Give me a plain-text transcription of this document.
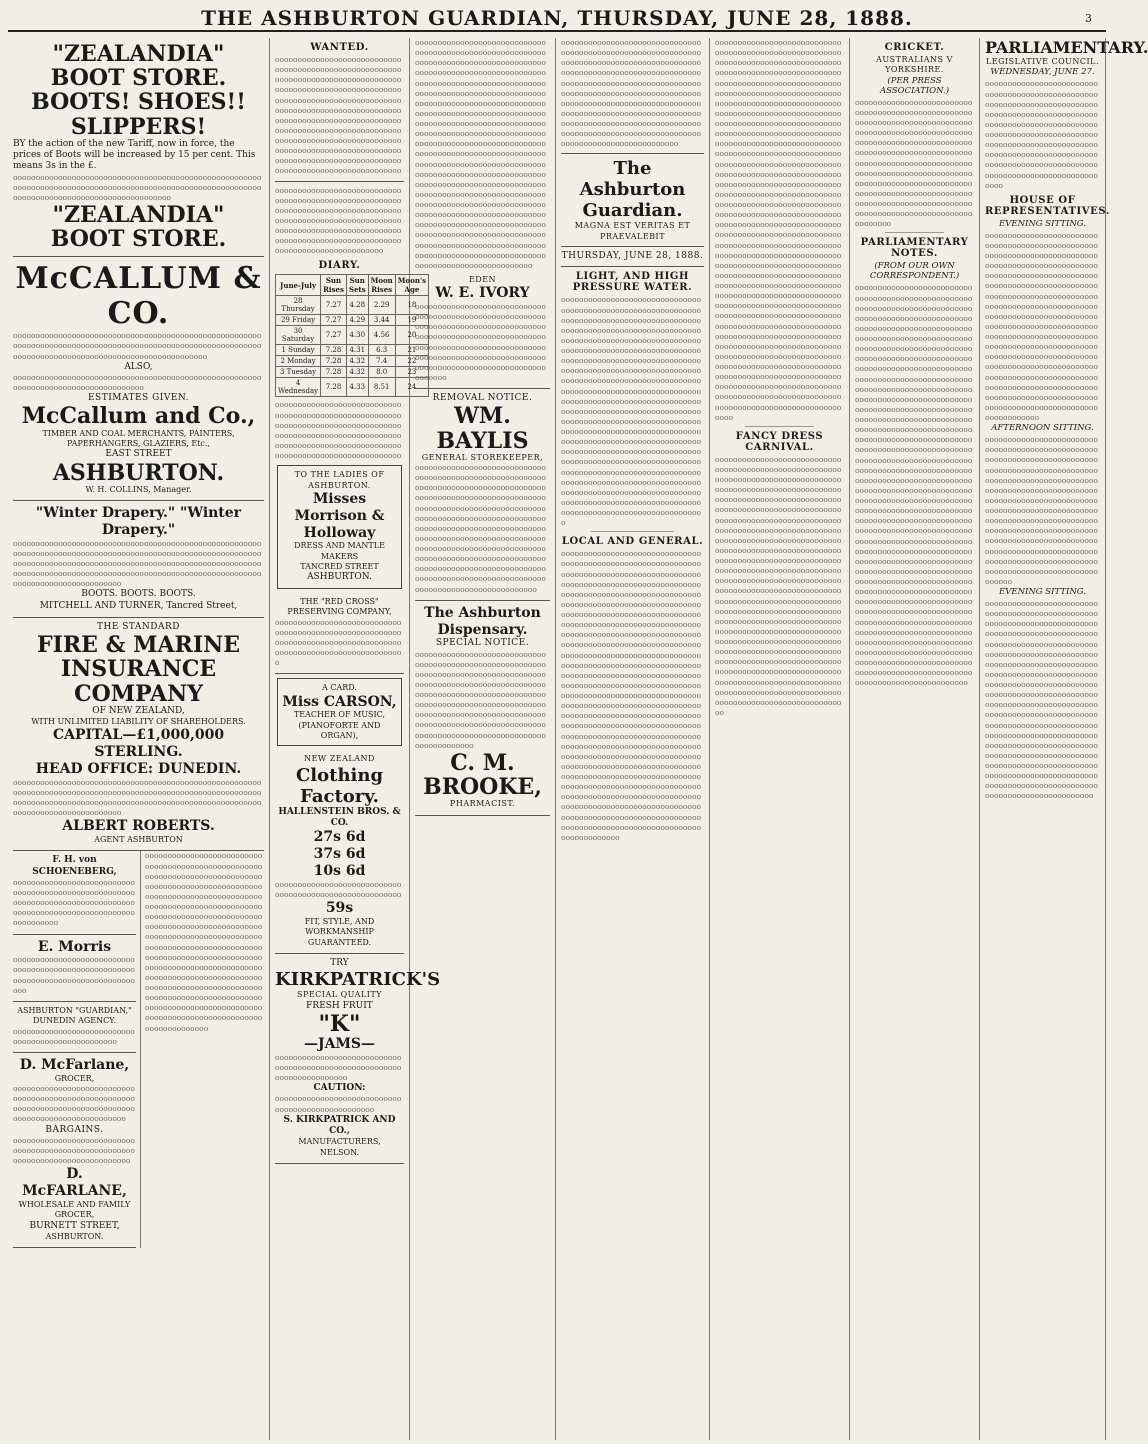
THE ASHBURTON GUARDIAN, THURSDAY, JUNE 28, 1888.	3
"ZEALANDIA" BOOT STORE.
BOOTS! SHOES!! SLIPPERS!
BY the action of the new Tariff, now in force, the prices of Boots will be increased by 15 per cent. This means 3s in the £.
ooooooooooooooooooooooooooooooooooooooooooooooooooooooooooooooooooooooooooooooooooooooooooooooooooooooooooooooooooooooooooooooooooooooooooooooooo
"ZEALANDIA" BOOT STORE.
McCALLUM & CO.
ooooooooooooooooooooooooooooooooooooooooooooooooooooooooooooooooooooooooooooooooooooooooooooooooooooooooooooooooooooooooooooooooooooooooooooooooooooooooo
ALSO,
oooooooooooooooooooooooooooooooooooooooooooooooooooooooooooooooooooooooooooooooooooo
ESTIMATES GIVEN.
McCallum and Co.,
TIMBER AND COAL MERCHANTS, PAINTERS, PAPERHANGERS, GLAZIERS, Etc.,
EAST STREET
ASHBURTON.
W. H. COLLINS, Manager.
"Winter Drapery." "Winter Drapery."
oooooooooooooooooooooooooooooooooooooooooooooooooooooooooooooooooooooooooooooooooooooooooooooooooooooooooooooooooooooooooooooooooooooooooooooooooooooooooooooooooooooooooooooooooooooooooooooooooooooooooooooooooooooooooooooooooooooooooooooooooooo
BOOTS. BOOTS. BOOTS.
MITCHELL AND TURNER, Tancred Street,
THE STANDARD
FIRE & MARINE INSURANCE COMPANY
OF NEW ZEALAND,
WITH UNLIMITED LIABILITY OF SHAREHOLDERS.
CAPITAL—£1,000,000 STERLING.
HEAD OFFICE: DUNEDIN.
ooooooooooooooooooooooooooooooooooooooooooooooooooooooooooooooooooooooooooooooooooooooooooooooooooooooooooooooooooooooooooooooooooooooooooooooooooooooooooooooooooooooooooooooooooooooooooooo
ALBERT ROBERTS.
AGENT ASHBURTON
F. H. von SCHOENEBERG,
oooooooooooooooooooooooooooooooooooooooooooooooooooooooooooooooooooooooooooooooooooooooooooooooooooooooooooooooooooooo
E. Morris
oooooooooooooooooooooooooooooooooooooooooooooooooooooooooooooooooooooooooooooooooooo
ASHBURTON "GUARDIAN,"
DUNEDIN AGENCY.
oooooooooooooooooooooooooooooooooooooooooooooooooo
D. McFarlane,
GROCER,
oooooooooooooooooooooooooooooooooooooooooooooooooooooooooooooooooooooooooooooooooooooooooooooooooooooooooo
BARGAINS.
oooooooooooooooooooooooooooooooooooooooooooooooooooooooooooooooooooooooooooooooo
D. McFARLANE,
WHOLESALE AND FAMILY GROCER,
BURNETT STREET,
ASHBURTON.
oooooooooooooooooooooooooooooooooooooooooooooooooooooooooooooooooooooooooooooooooooooooooooooooooooooooooooooooooooooooooooooooooooooooooooooooooooooooooooooooooooooooooooooooooooooooooooooooooooooooooooooooooooooooooooooooooooooooooooooooooooooooooooooooooooooooooooooooooooooooooooooooooooooooooooooooooooooooooooooooooooooooooooooooooooooooooooooooooooooooooooooooooooooooooooooooooooooooooooooooooooooooooooooooooooooooooooooooooooooooooooooooooooooooo
WANTED.
oooooooooooooooooooooooooooooooooooooooooooooooooooooooooooooooooooooooooooooooooooooooooooooooooooooooooooooooooooooooooooooooooooooooooooooooooooooooooooooooooooooooooooooooooooooooooooooooooooooooooooooooooooooooooooooooooooooooooooooooooooooooooooooooooooooooooooooooooooooooooooooooooooooooooooooooooooooooooooooooooooooooooooooooo
oooooooooooooooooooooooooooooooooooooooooooooooooooooooooooooooooooooooooooooooooooooooooooooooooooooooooooooooooooooooooooooooooooooooooooooooooooooooooooooooooooooooooooooooooooooooooooooooo
DIARY.
June-July	Sun Rises	Sun Sets	Moon Rises	Moon's Age
28 Thursday	7.27	4.28	2.29	18
29 Friday	7.27	4.29	3.44	19
30 Saturday	7.27	4.30	4.56	20
1 Sunday	7.28	4.31	6.3	21
2 Monday	7.28	4.32	7.4	22
3 Tuesday	7.28	4.32	8.0	23
4 Wednesday	7.28	4.33	8.51	24
oooooooooooooooooooooooooooooooooooooooooooooooooooooooooooooooooooooooooooooooooooooooooooooooooooooooooooooooooooooooooooooooooooooooooooooooooooooooooooooooooooooooo
TO THE LADIES OF ASHBURTON.
Misses Morrison & Holloway
DRESS AND MANTLE MAKERS
TANCRED STREET
ASHBURTON.
THE "RED CROSS" PRESERVING COMPANY,
ooooooooooooooooooooooooooooooooooooooooooooooooooooooooooooooooooooooooooooooooooooooooooooooooooooooooooooooooo
A CARD.
Miss CARSON,
TEACHER OF MUSIC,
(PIANOFORTE AND ORGAN),
NEW ZEALAND
Clothing Factory.
HALLENSTEIN BROS. & CO.
27s 6d
37s 6d
10s 6d
oooooooooooooooooooooooooooooooooooooooooooooooooooooooo
59s
FIT, STYLE, AND WORKMANSHIP GUARANTEED.
TRY
KIRKPATRICK'S
SPECIAL QUALITY
FRESH FRUIT
"K"
—JAMS—
oooooooooooooooooooooooooooooooooooooooooooooooooooooooooooooooooooooooo
CAUTION:
oooooooooooooooooooooooooooooooooooooooooooooooooo
S. KIRKPATRICK AND CO.,
MANUFACTURERS,
NELSON.
oooooooooooooooooooooooooooooooooooooooooooooooooooooooooooooooooooooooooooooooooooooooooooooooooooooooooooooooooooooooooooooooooooooooooooooooooooooooooooooooooooooooooooooooooooooooooooooooooooooooooooooooooooooooooooooooooooooooooooooooooooooooooooooooooooooooooooooooooooooooooooooooooooooooooooooooooooooooooooooooooooooooooooooooooooooooooooooooooooooooooooooooooooooooooooooooooooooooooooooooooooooooooooooooooooooooooooooooooooooooooooooooooooooooooooooooooooooooooooooooooooooooooooooooooooooooooooooooooooooooooooooooooooooooooooooooooooooooooooooooooooooooooooooooooooooooooooooooooooooooooooooooooooooooooooooooooooooooooooooooooooooooooooooooooooooooo
EDEN
W. E. IVORY
oooooooooooooooooooooooooooooooooooooooooooooooooooooooooooooooooooooooooooooooooooooooooooooooooooooooooooooooooooooooooooooooooooooooooooooooooooooooooooooooooooooooooooooooooooooooooooooooooooooooooooooooooo
REMOVAL NOTICE.
WM. BAYLIS
GENERAL STOREKEEPER,
ooooooooooooooooooooooooooooooooooooooooooooooooooooooooooooooooooooooooooooooooooooooooooooooooooooooooooooooooooooooooooooooooooooooooooooooooooooooooooooooooooooooooooooooooooooooooooooooooooooooooooooooooooooooooooooooooooooooooooooooooooooooooooooooooooooooooooooooooooooooooooooooooooooooooooooooooooooooooooooooooooooooooooooooooooooooooooooooooooooooooooooooooooooooo
The Ashburton Dispensary.
SPECIAL NOTICE.
oooooooooooooooooooooooooooooooooooooooooooooooooooooooooooooooooooooooooooooooooooooooooooooooooooooooooooooooooooooooooooooooooooooooooooooooooooooooooooooooooooooooooooooooooooooooooooooooooooooooooooooooooooooooooooooooooooooooooooooooooooooooooooooooooooooooooooooooooo
C. M. BROOKE,
PHARMACIST.
oooooooooooooooooooooooooooooooooooooooooooooooooooooooooooooooooooooooooooooooooooooooooooooooooooooooooooooooooooooooooooooooooooooooooooooooooooooooooooooooooooooooooooooooooooooooooooooooooooooooooooooooooooooooooooooooooooooooooooooooooooooooooooooooooooooooooooooooooooooooooooooooooooooooooooooooooooooooooooooooooooooooooooooooo
The Ashburton Guardian.
MAGNA EST VERITAS ET PRAEVALEBIT
THURSDAY, JUNE 28, 1888.
LIGHT, AND HIGH PRESSURE WATER.
ooooooooooooooooooooooooooooooooooooooooooooooooooooooooooooooooooooooooooooooooooooooooooooooooooooooooooooooooooooooooooooooooooooooooooooooooooooooooooooooooooooooooooooooooooooooooooooooooooooooooooooooooooooooooooooooooooooooooooooooooooooooooooooooooooooooooooooooooooooooooooooooooooooooooooooooooooooooooooooooooooooooooooooooooooooooooooooooooooooooooooooooooooooooooooooooooooooooooooooooooooooooooooooooooooooooooooooooooooooooooooooooooooooooooooooooooooooooooooooooooooooooooooooooooooooooooooooooooooooooooooooooooooooooooooooooooooooooooooooooooooooooooooooooooooooooooooooooooooooooooooooooooooooooooooooooooooooooooooooooooooooooooooooooooooooooooooooooooooooooooooo
LOCAL AND GENERAL.
ooooooooooooooooooooooooooooooooooooooooooooooooooooooooooooooooooooooooooooooooooooooooooooooooooooooooooooooooooooooooooooooooooooooooooooooooooooooooooooooooooooooooooooooooooooooooooooooooooooooooooooooooooooooooooooooooooooooooooooooooooooooooooooooooooooooooooooooooooooooooooooooooooooooooooooooooooooooooooooooooooooooooooooooooooooooooooooooooooooooooooooooooooooooooooooooooooooooooooooooooooooooooooooooooooooooooooooooooooooooooooooooooooooooooooooooooooooooooooooooooooooooooooooooooooooooooooooooooooooooooooooooooooooooooooooooooooooooooooooooooooooooooooooooooooooooooooooooooooooooooooooooooooooooooooooooooooooooooooooooooooooooooooooooooooooooooooooooooooooooooooooooooooooooooooooooooooooooooooooooooooooooooooooooooooooooooooooooooooooooooooooooooooooooooooooooooooooooooooooooooooooooooooooooooooooooooooooooooooooooooooooooooooooooooooooooooooooooooooooooooo
oooooooooooooooooooooooooooooooooooooooooooooooooooooooooooooooooooooooooooooooooooooooooooooooooooooooooooooooooooooooooooooooooooooooooooooooooooooooooooooooooooooooooooooooooooooooooooooooooooooooooooooooooooooooooooooooooooooooooooooooooooooooooooooooooooooooooooooooooooooooooooooooooooooooooooooooooooooooooooooooooooooooooooooooooooooooooooooooooooooooooooooooooooooooooooooooooooooooooooooooooooooooooooooooooooooooooooooooooooooooooooooooooooooooooooooooooooooooooooooooooooooooooooooooooooooooooooooooooooooooooooooooooooooooooooooooooooooooooooooooooooooooooooooooooooooooooooooooooooooooooooooooooooooooooooooooooooooooooooooooooooooooooooooooooooooooooooooooooooooooooooooooooooooooooooooooooooooooooooooooooooooooooooooooooooooooooooooooooooooooooooooooooooooooooooooooooooooooooooooooooooooooooooooooooooooooooooooooooooooooooooooooooooooooooooooooooooooooooooooooooooooooooooooooooooooooooooooooooooooooooooooooooooooooooooooooooooooooooooooooooooooooooooooooooooooooooooooooooooooooooooooooooooooooooooooooooooooooooooooooo
FANCY DRESS CARNIVAL.
oooooooooooooooooooooooooooooooooooooooooooooooooooooooooooooooooooooooooooooooooooooooooooooooooooooooooooooooooooooooooooooooooooooooooooooooooooooooooooooooooooooooooooooooooooooooooooooooooooooooooooooooooooooooooooooooooooooooooooooooooooooooooooooooooooooooooooooooooooooooooooooooooooooooooooooooooooooooooooooooooooooooooooooooooooooooooooooooooooooooooooooooooooooooooooooooooooooooooooooooooooooooooooooooooooooooooooooooooooooooooooooooooooooooooooooooooooooooooooooooooooooooooooooooooooooooooooooooooooooooooooooooooooooooooooooooooooooooooooooooooooooooooooooooooooooooooooooooooooooooooooooooooooooooooooooooooooooooooooooooooooooooooooooooooooooooooooooooooooooooooooooooooooooooooooooo
CRICKET.
AUSTRALIANS V YORKSHIRE.
(PER PRESS ASSOCIATION.)
oooooooooooooooooooooooooooooooooooooooooooooooooooooooooooooooooooooooooooooooooooooooooooooooooooooooooooooooooooooooooooooooooooooooooooooooooooooooooooooooooooooooooooooooooooooooooooooooooooooooooooooooooooooooooooooooooooooooooooooooooooooooooooooooooooooooooooooooooooooooooooooooooooooooooooooooooooooooooooooooo
PARLIAMENTARY NOTES.
(FROM OUR OWN CORRESPONDENT.)
ooooooooooooooooooooooooooooooooooooooooooooooooooooooooooooooooooooooooooooooooooooooooooooooooooooooooooooooooooooooooooooooooooooooooooooooooooooooooooooooooooooooooooooooooooooooooooooooooooooooooooooooooooooooooooooooooooooooooooooooooooooooooooooooooooooooooooooooooooooooooooooooooooooooooooooooooooooooooooooooooooooooooooooooooooooooooooooooooooooooooooooooooooooooooooooooooooooooooooooooooooooooooooooooooooooooooooooooooooooooooooooooooooooooooooooooooooooooooooooooooooooooooooooooooooooooooooooooooooooooooooooooooooooooooooooooooooooooooooooooooooooooooooooooooooooooooooooooooooooooooooooooooooooooooooooooooooooooooooooooooooooooooooooooooooooooooooooooooooooooooooooooooooooooooooooooooooooooooooooooooooooooooooooooooooooooooooooooooooooooooooooooooooooooooooooooooooooooooooooooooooooooooooooooooooooooooooooooooooooooooooooooooooooooooooooooooooooooooooooooooooooooooooooooooooooooooooooooooooooooooooooooooooooooooooooooooooooooooooooooooooooooooooooooooooooooooooooooooooooooooooooooooooooooooooooooooooooooooooooooo
PARLIAMENTARY.
LEGISLATIVE COUNCIL.
WEDNESDAY, JUNE 27.
oooooooooooooooooooooooooooooooooooooooooooooooooooooooooooooooooooooooooooooooooooooooooooooooooooooooooooooooooooooooooooooooooooooooooooooooooooooooooooooooooooooooooooooooooooooooooooooooooooooooooooooooooooooooooooooooooooooooooooooooooooooooooooooo
HOUSE OF REPRESENTATIVES.
EVENING SITTING.
oooooooooooooooooooooooooooooooooooooooooooooooooooooooooooooooooooooooooooooooooooooooooooooooooooooooooooooooooooooooooooooooooooooooooooooooooooooooooooooooooooooooooooooooooooooooooooooooooooooooooooooooooooooooooooooooooooooooooooooooooooooooooooooooooooooooooooooooooooooooooooooooooooooooooooooooooooooooooooooooooooooooooooooooooooooooooooooooooooooooooooooooooooooooooooooooooooooooooooooooooooooooooooooooooooooooooooooooooooooooooooooooooooooooooooooo
AFTERNOON SITTING.
oooooooooooooooooooooooooooooooooooooooooooooooooooooooooooooooooooooooooooooooooooooooooooooooooooooooooooooooooooooooooooooooooooooooooooooooooooooooooooooooooooooooooooooooooooooooooooooooooooooooooooooooooooooooooooooooooooooooooooooooooooooooooooooooooooooooooooooooooooooooooooooooooooooooooooooooooooooooooooooooooooooooooooooooooooooooooooooooooooo
EVENING SITTING.
ooooooooooooooooooooooooooooooooooooooooooooooooooooooooooooooooooooooooooooooooooooooooooooooooooooooooooooooooooooooooooooooooooooooooooooooooooooooooooooooooooooooooooooooooooooooooooooooooooooooooooooooooooooooooooooooooooooooooooooooooooooooooooooooooooooooooooooooooooooooooooooooooooooooooooooooooooooooooooooooooooooooooooooooooooooooooooooooooooooooooooooooooooooooooooooooooooooooooooooooooooooooooooooooooooooooooooooooooooooooooooooooooooooooooooooooooooooooooooooooooooooooooooooooooooo
